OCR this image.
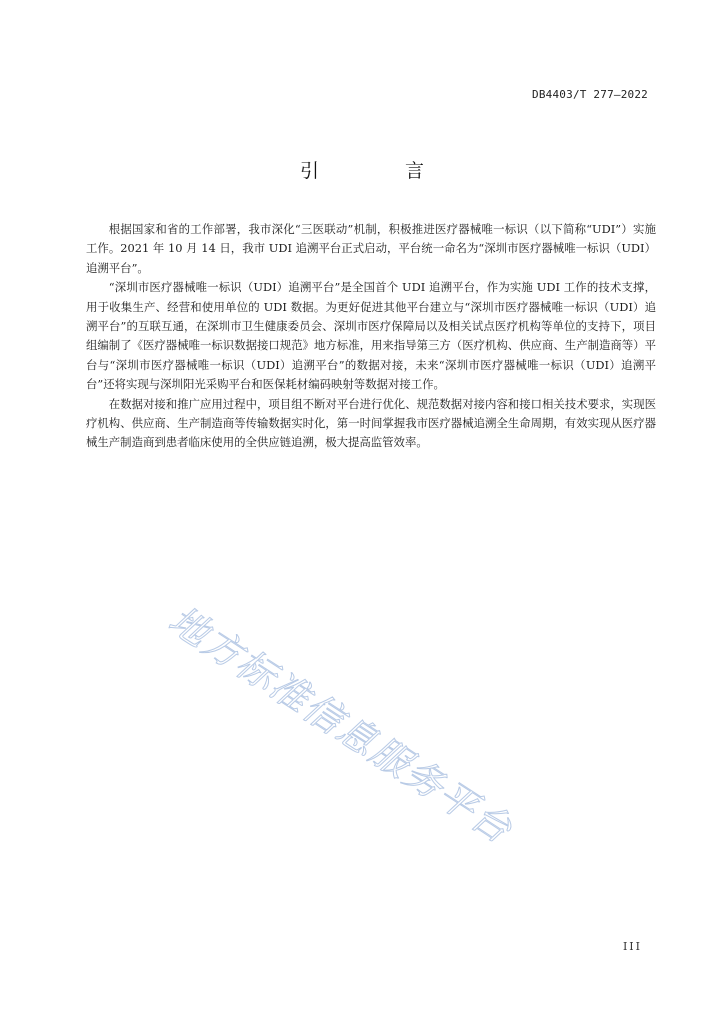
DB4403/T 277—2022
引 言

根据国家和省的工作部署，我市深化“三医联动”机制，积极推进医疗器械唯一标识（以下简称“UDI”）实施工作。2021 年 10 月 14 日，我市 UDI 追溯平台正式启动，平台统一命名为“深圳市医疗器械唯一标识（UDI）追溯平台”。

“深圳市医疗器械唯一标识（UDI）追溯平台”是全国首个 UDI 追溯平台，作为实施 UDI 工作的技术支撑，用于收集生产、经营和使用单位的 UDI 数据。为更好促进其他平台建立与“深圳市医疗器械唯一标识（UDI）追溯平台”的互联互通，在深圳市卫生健康委员会、深圳市医疗保障局以及相关试点医疗机构等单位的支持下，项目组编制了《医疗器械唯一标识数据接口规范》地方标准，用来指导第三方（医疗机构、供应商、生产制造商等）平台与“深圳市医疗器械唯一标识（UDI）追溯平台”的数据对接，未来“深圳市医疗器械唯一标识（UDI）追溯平台”还将实现与深圳阳光采购平台和医保耗材编码映射等数据对接工作。

在数据对接和推广应用过程中，项目组不断对平台进行优化、规范数据对接内容和接口相关技术要求，实现医疗机构、供应商、生产制造商等传输数据实时化，第一时间掌握我市医疗器械追溯全生命周期，有效实现从医疗器械生产制造商到患者临床使用的全供应链追溯，极大提高监管效率。

地方标准信息服务平台
III
